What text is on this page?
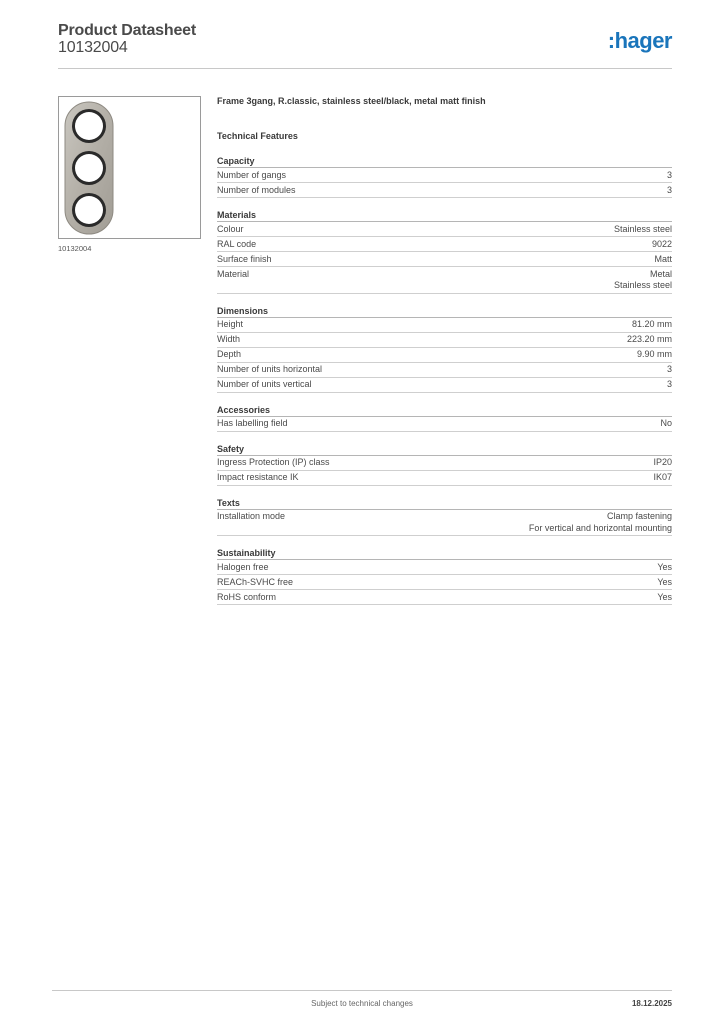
Product Datasheet
10132004	:hager
10132004
Frame 3gang, R.classic, stainless steel/black, metal matt finish
Technical Features
Capacity
Number of gangs	3
Number of modules	3
Materials
Colour	Stainless steel
RAL code	9022
Surface finish	Matt
Material	Metal
Stainless steel
Dimensions
Height	81.20 mm
Width	223.20 mm
Depth	9.90 mm
Number of units horizontal	3
Number of units vertical	3
Accessories
Has labelling field	No
Safety
Ingress Protection (IP) class	IP20
Impact resistance IK	IK07
Texts
Installation mode	Clamp fastening
For vertical and horizontal mounting
Sustainability
Halogen free	Yes
REACh-SVHC free	Yes
RoHS conform	Yes
Subject to technical changes	18.12.2025
